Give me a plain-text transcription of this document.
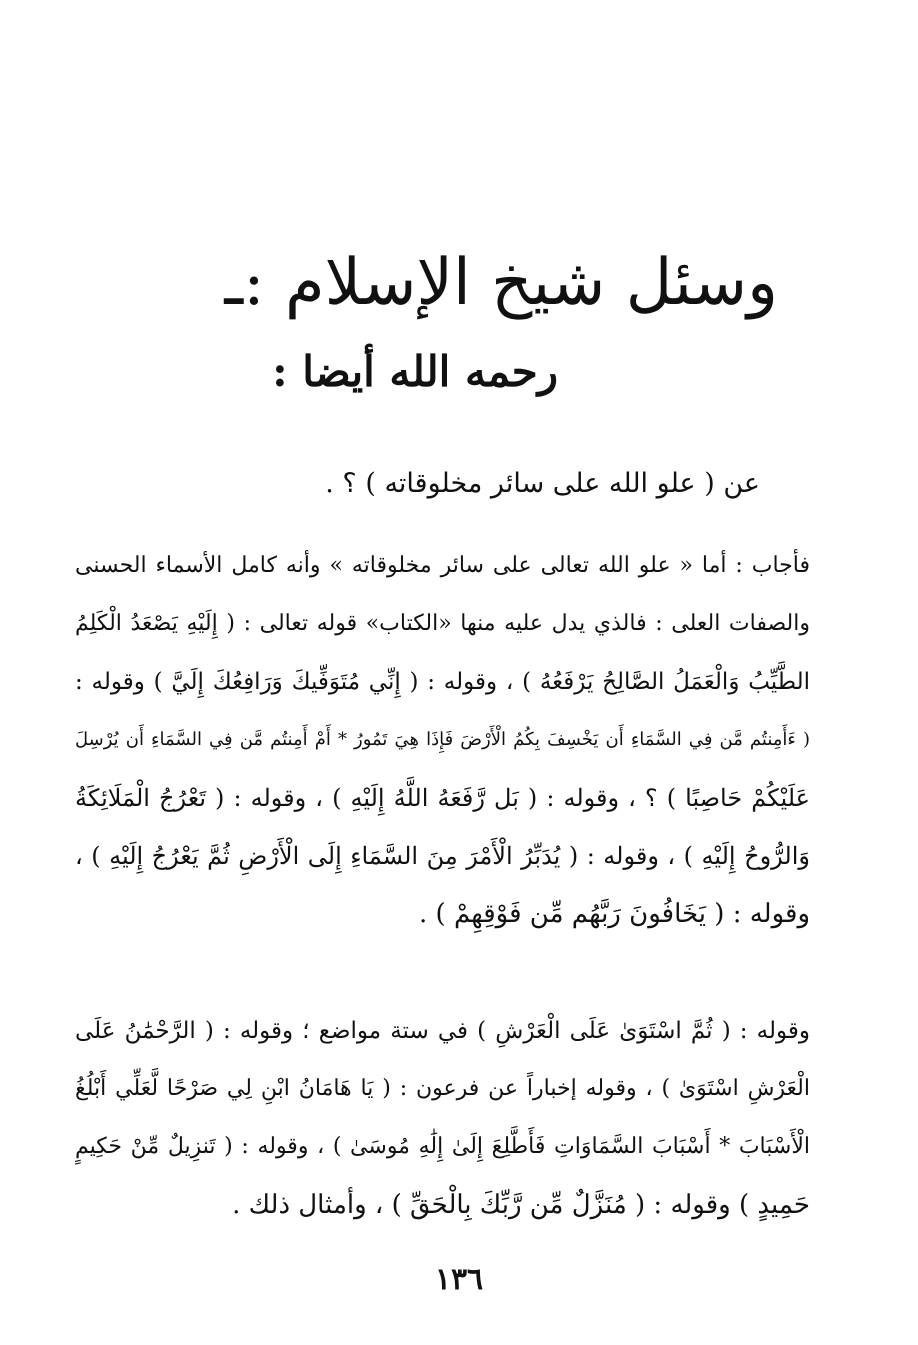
وسئل شيخ الإسلام :ـ
رحمه الله أيضا :
عن ( علو الله على سائر مخلوقاته ) ؟ .
فأجاب : أما « علو الله تعالى على سائر مخلوقاته » وأنه كامل الأسماء الحسنى
والصفات العلى : فالذي يدل عليه منها «الكتاب» قوله تعالى : ( إِلَيْهِ يَصْعَدُ الْكَلِمُ
الطَّيِّبُ وَالْعَمَلُ الصَّالِحُ يَرْفَعُهُ ) ، وقوله : ( إِنِّي مُتَوَفِّيكَ وَرَافِعُكَ إِلَيَّ ) وقوله :
( ءَأَمِنتُم مَّن فِي السَّمَاءِ أَن يَخْسِفَ بِكُمُ الْأَرْضَ فَإِذَا هِيَ تَمُورُ * أَمْ أَمِنتُم مَّن فِي السَّمَاءِ أَن يُرْسِلَ
عَلَيْكُمْ حَاصِبًا ) ؟ ، وقوله : ( بَل رَّفَعَهُ اللَّهُ إِلَيْهِ ) ، وقوله : ( تَعْرُجُ الْمَلَائِكَةُ
وَالرُّوحُ إِلَيْهِ ) ، وقوله : ( يُدَبِّرُ الْأَمْرَ مِنَ السَّمَاءِ إِلَى الْأَرْضِ ثُمَّ يَعْرُجُ إِلَيْهِ ) ،
وقوله : ( يَخَافُونَ رَبَّهُم مِّن فَوْقِهِمْ ) .
وقوله : ( ثُمَّ اسْتَوَىٰ عَلَى الْعَرْشِ ) في ستة مواضع ؛ وقوله : ( الرَّحْمَٰنُ عَلَى
الْعَرْشِ اسْتَوَىٰ ) ، وقوله إخباراً عن فرعون : ( يَا هَامَانُ ابْنِ لِي صَرْحًا لَّعَلِّي أَبْلُغُ
الْأَسْبَابَ * أَسْبَابَ السَّمَاوَاتِ فَأَطَّلِعَ إِلَىٰ إِلَٰهِ مُوسَىٰ ) ، وقوله : ( تَنزِيلٌ مِّنْ حَكِيمٍ
حَمِيدٍ ) وقوله : ( مُنَزَّلٌ مِّن رَّبِّكَ بِالْحَقِّ ) ، وأمثال ذلك .
١٣٦
